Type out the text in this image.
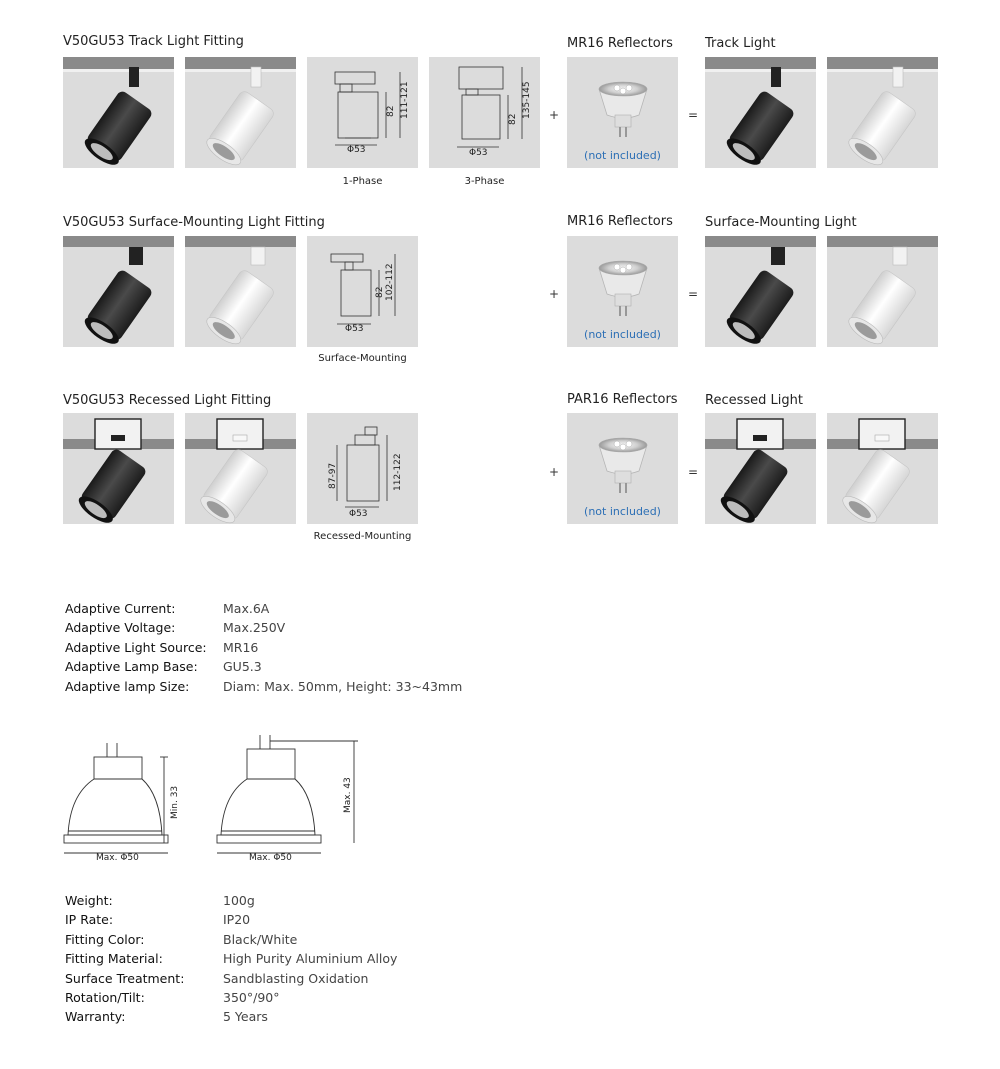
V50GU53 Track Light Fitting	MR16 Reflectors Track Light
82 111-121
Φ53
82
135-145
Φ53
1-Phase	3-Phase
+
(not included)
=
V50GU53 Surface-Mounting Light Fitting	MR16 Reflectors Surface-Mounting Light
82 102-112
Φ53
Surface-Mounting
+
(not included)
=
V50GU53 Recessed Light Fitting	PAR16 Reflectors Recessed Light
87-97	112-122
Φ53
Recessed-Mounting
+
(not included)
=
Adaptive Current:	Max.6A
Adaptive Voltage:	Max.250V
Adaptive Light Source: MR16
Adaptive Lamp Base: GU5.3
Adaptive lamp Size:	Diam: Max. 50mm, Height: 33~43mm
Min. 33	Max. 43
Max. Φ50	Max. Φ50
Weight:	100g
IP Rate:	IP20
Fitting Color:	Black/White
Fitting Material:	High Purity Aluminium Alloy
Surface Treatment:	Sandblasting Oxidation
Rotation/Tilt:	350°/90°
Warranty:	5 Years
